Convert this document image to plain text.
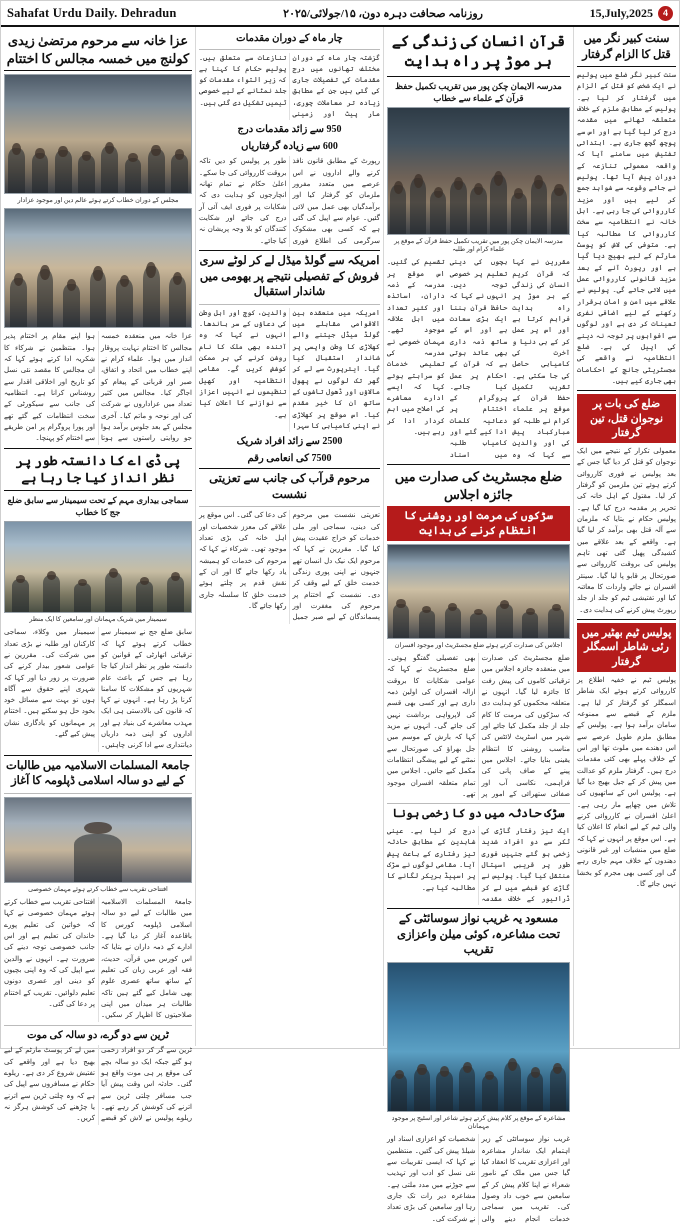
Sahafat Urdu Daily. Dehradun	روزنامہ صحافت دہرہ دون، ۱۵/جولائی/۲۰۲۵	15,July,2025	4
سنت کبیر نگر میں قتل کا الزام گرفتار
سنت کبیر نگر ضلع میں پولیس نے ایک شخص کو قتل کے الزام میں گرفتار کر لیا ہے۔ پولیس کے مطابق ملزم کے خلاف متعلقہ تھانے میں مقدمہ درج کر لیا گیا ہے اور اس سے پوچھ گچھ جاری ہے۔ ابتدائی تفتیش میں سامنے آیا کہ واقعہ معمولی تنازعہ کے دوران پیش آیا تھا۔ پولیس نے جائے وقوعہ سے شواہد جمع کر لیے ہیں اور مزید کارروائی کی جا رہی ہے۔ اہل خانہ نے انتظامیہ سے سخت کارروائی کا مطالبہ کیا ہے۔ متوفی کی لاش کو پوسٹ مارٹم کے لیے بھیج دیا گیا ہے اور رپورٹ آنے کے بعد مزید قانونی کارروائی عمل میں لائی جائے گی۔ پولیس نے علاقے میں امن و امان برقرار رکھنے کے لیے اضافی نفری تعینات کر دی ہے اور لوگوں سے افواہوں پر توجہ نہ دینے کی اپیل کی ہے۔ ضلع انتظامیہ نے واقعے کی مجسٹریٹی جانچ کے احکامات بھی جاری کیے ہیں۔
ضلع کی بات پر نوجوان قتل، تین گرفتار
معمولی تکرار کے نتیجے میں ایک نوجوان کو قتل کر دیا گیا جس کے بعد پولیس نے فوری کارروائی کرتے ہوئے تین ملزمین کو گرفتار کر لیا۔ مقتول کے اہل خانہ کی تحریر پر مقدمہ درج کیا گیا ہے۔ پولیس حکام نے بتایا کہ ملزمان سے آلہ قتل بھی برآمد کر لیا گیا ہے۔ واقعے کے بعد علاقے میں کشیدگی پھیل گئی تھی تاہم پولیس کی بروقت کارروائی سے صورتحال پر قابو پا لیا گیا۔ سینئر افسران نے جائے واردات کا معائنہ کیا اور تفتیشی ٹیم کو جلد از جلد رپورٹ پیش کرنے کی ہدایت دی۔
پولیس ٹیم بھٹیر میں رئی شاطر اسمگلر گرفتار
پولیس ٹیم نے خفیہ اطلاع پر کارروائی کرتے ہوئے ایک شاطر اسمگلر کو گرفتار کر لیا ہے۔ ملزم کے قبضے سے ممنوعہ سامان برآمد ہوا ہے۔ پولیس کے مطابق ملزم طویل عرصے سے اس دھندے میں ملوث تھا اور اس کے خلاف پہلے بھی کئی مقدمات درج ہیں۔ گرفتار ملزم کو عدالت میں پیش کر کے جیل بھیج دیا گیا ہے۔ پولیس اس کے ساتھیوں کی تلاش میں چھاپے مار رہی ہے۔ اعلیٰ افسران نے کارروائی کرنے والی ٹیم کے لیے انعام کا اعلان کیا ہے۔ اس موقع پر انہوں نے کہا کہ ضلع میں منشیات اور غیر قانونی دھندوں کے خلاف مہم جاری رہے گی اور کسی بھی مجرم کو بخشا نہیں جائے گا۔
قرآن انسان کی زندگی کے ہر موڑ پر راہ ہدایت
مدرسہ الایمان چکن پور میں تقریب تکمیل حفظ قرآن کے علماء سے خطاب
مدرسہ الایمان چکن پور میں تقریب تکمیل حفظ قرآن کے موقع پر علماء کرام اور طلبہ
مقررین نے کہا کہ قرآن کریم انسان کی زندگی کے ہر موڑ پر راہ ہدایت فراہم کرتا ہے اور اس پر عمل کر کے ہی دنیا و آخرت کی کامیابی حاصل کی جا سکتی ہے۔ تقریب تکمیل حفظ قرآن کے موقع پر علماء کرام نے طلبہ کو مبارکباد پیش کی اور والدین سے کہا کہ وہ بچوں کی دینی تعلیم پر خصوصی توجہ دیں۔ انہوں نے کہا کہ حافظ قرآن بننا ایک بڑی سعادت ہے اور اس کے ساتھ ذمہ داری بھی عائد ہوتی ہے کہ قرآن کے احکام پر عمل کیا جائے۔ پروگرام کے اختتام پر دعائیہ کلمات ادا کیے گئے اور کامیاب طلبہ میں اسناد تقسیم کی گئیں۔ اس موقع پر مدرسہ کے ذمہ داران، اساتذہ اور کثیر تعداد میں اہل علاقہ موجود تھے۔ مہمان خصوصی نے مدرسہ کی تعلیمی خدمات کو سراہتے ہوئے کہا کہ ایسے ادارے معاشرے کی اصلاح میں اہم کردار ادا کر رہے ہیں۔
ضلع مجسٹریٹ کی صدارت میں جائزہ اجلاس
سڑکوں کی مرمت اور روشنی کا انتظام کرنے کی ہدایت
اجلاس کی صدارت کرتے ہوئے ضلع مجسٹریٹ اور موجود افسران
ضلع مجسٹریٹ کی صدارت میں منعقدہ جائزہ اجلاس میں ترقیاتی کاموں کی پیش رفت کا جائزہ لیا گیا۔ انہوں نے متعلقہ محکموں کو ہدایت دی کہ سڑکوں کی مرمت کا کام جلد از جلد مکمل کیا جائے اور شہر میں اسٹریٹ لائٹس کی مناسب روشنی کا انتظام یقینی بنایا جائے۔ اجلاس میں پینے کے صاف پانی کی فراہمی، نکاسی آب اور صفائی ستھرائی کے امور پر بھی تفصیلی گفتگو ہوئی۔ ضلع مجسٹریٹ نے کہا کہ عوامی شکایات کا بروقت ازالہ افسران کی اولین ذمہ داری ہے اور کسی بھی قسم کی لاپرواہی برداشت نہیں کی جائے گی۔ انہوں نے مزید کہا کہ بارش کے موسم میں جل بھراؤ کی صورتحال سے نمٹنے کے لیے پیشگی انتظامات مکمل کیے جائیں۔ اجلاس میں تمام متعلقہ افسران موجود تھے۔
سڑک حادثہ میں دو کا زخمی ہونا
ایک تیز رفتار گاڑی کی ٹکر سے دو افراد شدید زخمی ہو گئے جنہیں فوری طور پر قریبی اسپتال منتقل کیا گیا۔ پولیس نے گاڑی کو قبضے میں لے کر ڈرائیور کے خلاف مقدمہ درج کر لیا ہے۔ عینی شاہدین کے مطابق حادثہ تیز رفتاری کے باعث پیش آیا۔ مقامی لوگوں نے سڑک پر اسپیڈ بریکر لگانے کا مطالبہ کیا ہے۔
مسعود یہ غریب نواز سوسائٹی کے تحت مشاعرہ، کوئی میلن واعزازی تقریب
مشاعرہ کے موقع پر کلام پیش کرتے ہوئے شاعر اور اسٹیج پر موجود مہمانان
غریب نواز سوسائٹی کے زیر اہتمام ایک شاندار مشاعرہ اور اعزازی تقریب کا انعقاد کیا گیا جس میں ملک کے نامور شعراء نے اپنا کلام پیش کر کے سامعین سے خوب داد وصول کی۔ تقریب میں سماجی خدمات انجام دینے والی شخصیات کو اعزازی اسناد اور شیلڈ پیش کی گئیں۔ منتظمین نے کہا کہ ایسی تقریبات سے نئی نسل کو ادب اور تہذیب سے جوڑنے میں مدد ملتی ہے۔ مشاعرہ دیر رات تک جاری رہا اور سامعین کی بڑی تعداد نے شرکت کی۔
چار ماہ کے دوران مقدمات
گزشتہ چار ماہ کے دوران مختلف تھانوں میں درج مقدمات کی تفصیلات جاری کی گئی ہیں جن کے مطابق زیادہ تر معاملات چوری، مار پیٹ اور زمینی تنازعات سے متعلق ہیں۔ پولیس حکام کا کہنا ہے کہ زیر التواء مقدمات کو جلد نمٹانے کے لیے خصوصی ٹیمیں تشکیل دی گئی ہیں۔
950 سے زائد مقدمات درج
600 سے زیادہ گرفتاریاں
رپورٹ کے مطابق قانون نافذ کرنے والے اداروں نے اس عرصے میں متعدد مفرور ملزمان کو گرفتار کیا اور برآمدگیاں بھی عمل میں لائی گئیں۔ عوام سے اپیل کی گئی ہے کہ کسی بھی مشکوک سرگرمی کی اطلاع فوری طور پر پولیس کو دیں تاکہ بروقت کارروائی کی جا سکے۔ اعلیٰ حکام نے تمام تھانہ انچارجوں کو ہدایت دی کہ شکایات پر فوری ایف آئی آر درج کی جائے اور شکایت کنندگان کو بلا وجہ پریشان نہ کیا جائے۔
امریکہ سے گولڈ میڈل لے کر لوٹے سری فروش کے تفصیلی نتیجے پر بھومی میں شاندار استقبال
امریکہ میں منعقدہ بین الاقوامی مقابلے میں گولڈ میڈل جیتنے والے کھلاڑی کا وطن واپسی پر شاندار استقبال کیا گیا۔ ایئرپورٹ سے لے کر گھر تک لوگوں نے پھول مالاؤں اور ڈھول تاشوں کے ساتھ ان کا خیر مقدم کیا۔ اس موقع پر کھلاڑی نے اپنی کامیابی کا سہرا والدین، کوچ اور اہل وطن کی دعاؤں کے سر باندھا۔ انہوں نے کہا کہ وہ آئندہ بھی ملک کا نام روشن کرنے کی ہر ممکن کوشش کریں گے۔ مقامی انتظامیہ اور کھیل تنظیموں نے انہیں اعزاز سے نوازنے کا اعلان کیا ہے۔
2500 سے زائد افراد شریک
7500 کی انعامی رقم
مرحوم قرآب کی جانب سے تعزیتی نشست
تعزیتی نشست میں مرحوم کی دینی، سماجی اور ملی خدمات کو خراج عقیدت پیش کیا گیا۔ مقررین نے کہا کہ مرحوم ایک نیک دل انسان تھے جنہوں نے اپنی پوری زندگی خدمت خلق کے لیے وقف کر دی۔ نشست کے اختتام پر مرحوم کی مغفرت اور پسماندگان کے لیے صبر جمیل کی دعا کی گئی۔ اس موقع پر علاقے کی معزز شخصیات اور اہل خانہ کی بڑی تعداد موجود تھی۔ شرکاء نے کہا کہ مرحوم کی خدمات کو ہمیشہ یاد رکھا جائے گا اور ان کے نقش قدم پر چلتے ہوئے خدمت خلق کا سلسلہ جاری رکھا جائے گا۔
عزا خانہ سے مرحوم مرتضیٰ زیدی کولنج میں خمسہ مجالس کا اختتام
مجلس کے دوران خطاب کرتے ہوئے عالم دین اور موجود عزادار
عزا خانہ میں منعقدہ خمسہ مجالس کا اختتام نہایت پروقار انداز میں ہوا۔ علماء کرام نے اپنے خطاب میں اتحاد و اتفاق، صبر اور قربانی کے پیغام کو اجاگر کیا۔ مجالس میں کثیر تعداد میں عزاداروں نے شرکت کی اور نوحہ و ماتم کیا۔ آخری مجلس کے بعد جلوس برآمد ہوا جو روایتی راستوں سے ہوتا ہوا اپنے مقام پر اختتام پذیر ہوا۔ منتظمین نے شرکاء کا شکریہ ادا کرتے ہوئے کہا کہ ان مجالس کا مقصد نئی نسل کو تاریخ اور اخلاقی اقدار سے روشناس کرانا ہے۔ انتظامیہ کی جانب سے سیکورٹی کے سخت انتظامات کیے گئے تھے اور پورا پروگرام پر امن طریقے سے اختتام کو پہنچا۔
پی ڈی اے کا دانستہ طور پر نظر انداز کیا جا رہا ہے
سماجی بیداری مہم کے تحت سیمینار سے سابق ضلع جج کا خطاب
سیمینار میں شریک مہمانان اور سامعین کا ایک منظر
سابق ضلع جج نے سیمینار سے خطاب کرتے ہوئے کہا کہ ترقیاتی اتھارٹی کے قوانین کو دانستہ طور پر نظر انداز کیا جا رہا ہے جس کے باعث عام شہریوں کو مشکلات کا سامنا کرنا پڑ رہا ہے۔ انہوں نے کہا کہ قانون کی بالادستی ہی ایک مہذب معاشرے کی بنیاد ہے اور اداروں کو اپنی ذمہ داریاں دیانتداری سے ادا کرنی چاہئیں۔ سیمینار میں وکلاء، سماجی کارکنان اور طلبہ نے بڑی تعداد میں شرکت کی۔ مقررین نے عوامی شعور بیدار کرنے کی ضرورت پر زور دیا اور کہا کہ شہری اپنے حقوق سے آگاہ ہوں تو بہت سے مسائل خود بخود حل ہو سکتے ہیں۔ اختتام پر مہمانوں کو یادگاری نشان پیش کیے گئے۔
جامعۃ المسلمات الاسلامیہ میں طالبات کے لیے دو سالہ اسلامی ڈپلومہ کا آغاز
افتتاحی تقریب سے خطاب کرتے ہوئے مہمان خصوصی
جامعۃ المسلمات الاسلامیہ میں طالبات کے لیے دو سالہ اسلامی ڈپلومہ کورس کا باقاعدہ آغاز کر دیا گیا ہے۔ ادارے کے ذمہ داران نے بتایا کہ اس کورس میں قرآن، حدیث، فقہ اور عربی زبان کی تعلیم کے ساتھ ساتھ عصری علوم بھی شامل کیے گئے ہیں تاکہ طالبات ہر میدان میں اپنی صلاحیتوں کا اظہار کر سکیں۔ افتتاحی تقریب سے خطاب کرتے ہوئے مہمان خصوصی نے کہا کہ خواتین کی تعلیم پورے خاندان کی تعلیم ہے اور اس جانب خصوصی توجہ دینے کی ضرورت ہے۔ انہوں نے والدین سے اپیل کی کہ وہ اپنی بچیوں کو دینی اور عصری دونوں تعلیم دلوائیں۔ تقریب کے اختتام پر دعا کی گئی۔
ٹرین سے دو گرے، دو سالہ کی موت
ٹرین سے گر کر دو افراد زخمی ہو گئے جبکہ ایک دو سالہ بچے کی موقع پر ہی موت واقع ہو گئی۔ حادثہ اس وقت پیش آیا جب مسافر چلتی ٹرین سے اترنے کی کوشش کر رہے تھے۔ ریلوے پولیس نے لاش کو قبضے میں لے کر پوسٹ مارٹم کے لیے بھیج دیا ہے اور واقعے کی تفتیش شروع کر دی ہے۔ ریلوے حکام نے مسافروں سے اپیل کی ہے کہ وہ چلتی ٹرین سے اترنے یا چڑھنے کی کوشش ہرگز نہ کریں۔
